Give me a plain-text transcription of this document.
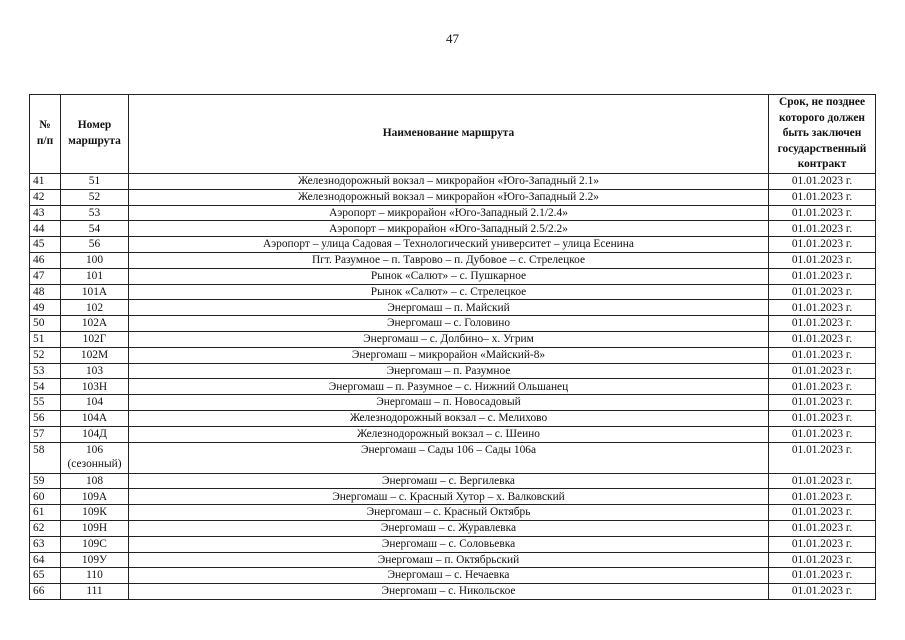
47
№ п/п	Номер маршрута	Наименование маршрута	Срок, не позднее которого должен быть заключен государственный контракт
41	51	Железнодорожный вокзал – микрорайон «Юго-Западный 2.1»	01.01.2023 г.
42	52	Железнодорожный вокзал – микрорайон «Юго-Западный 2.2»	01.01.2023 г.
43	53	Аэропорт – микрорайон «Юго-Западный 2.1/2.4»	01.01.2023 г.
44	54	Аэропорт – микрорайон «Юго-Западный 2.5/2.2»	01.01.2023 г.
45	56	Аэропорт – улица Садовая – Технологический университет – улица Есенина	01.01.2023 г.
46	100	Пгт. Разумное – п. Таврово – п. Дубовое – с. Стрелецкое	01.01.2023 г.
47	101	Рынок «Салют» – с. Пушкарное	01.01.2023 г.
48	101А	Рынок «Салют» – с. Стрелецкое	01.01.2023 г.
49	102	Энергомаш – п. Майский	01.01.2023 г.
50	102А	Энергомаш – с. Головино	01.01.2023 г.
51	102Г	Энергомаш – с. Долбино– х. Угрим	01.01.2023 г.
52	102М	Энергомаш – микрорайон «Майский-8»	01.01.2023 г.
53	103	Энергомаш – п. Разумное	01.01.2023 г.
54	103Н	Энергомаш – п. Разумное – с. Нижний Ольшанец	01.01.2023 г.
55	104	Энергомаш – п. Новосадовый	01.01.2023 г.
56	104А	Железнодорожный вокзал – с. Мелихово	01.01.2023 г.
57	104Д	Железнодорожный вокзал – с. Шеино	01.01.2023 г.
58	106 (сезонный)	Энергомаш – Сады 106 – Сады 106а	01.01.2023 г.
59	108	Энергомаш – с. Вергилевка	01.01.2023 г.
60	109А	Энергомаш – с. Красный Хутор – х. Валковский	01.01.2023 г.
61	109К	Энергомаш – с. Красный Октябрь	01.01.2023 г.
62	109Н	Энергомаш – с. Журавлевка	01.01.2023 г.
63	109С	Энергомаш – с. Соловьевка	01.01.2023 г.
64	109У	Энергомаш – п. Октябрьский	01.01.2023 г.
65	110	Энергомаш – с. Нечаевка	01.01.2023 г.
66	111	Энергомаш – с. Никольское	01.01.2023 г.
